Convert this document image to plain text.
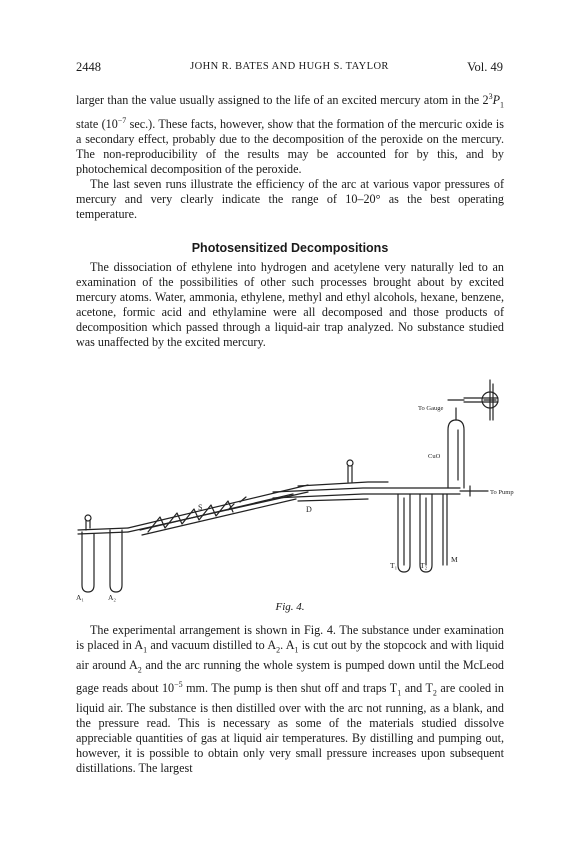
2448	JOHN R. BATES AND HUGH S. TAYLOR	Vol. 49

larger than the value usually assigned to the life of an excited mercury atom in the $2^3P_1$ state ($10^{-7}$ sec.). These facts, however, show that the formation of the mercuric oxide is a secondary effect, probably due to the decomposition of the peroxide on the mercury. The non-reproducibility of the results may be accounted for by this, and by photochemical decomposition of the peroxide.

The last seven runs illustrate the efficiency of the arc at various vapor pressures of mercury and very clearly indicate the range of 10–20° as the best operating temperature.

Photosensitized Decompositions

The dissociation of ethylene into hydrogen and acetylene very naturally led to an examination of the possibilities of other such processes brought about by excited mercury atoms. Water, ammonia, ethylene, methyl and ethyl alcohols, hexane, benzene, acetone, formic acid and ethylamine were all decomposed and those products of decomposition which passed through a liquid-air trap analyzed. No substance studied was unaffected by the excited mercury.

To Gauge
CuO
To Pump
S	D
T₁	T₂
M
A₁	A₂
Fig. 4.

The experimental arrangement is shown in Fig. 4. The substance under examination is placed in $A_1$ and vacuum distilled to $A_2$. $A_1$ is cut out by the stopcock and with liquid air around $A_2$ and the arc running the whole system is pumped down until the McLeod gage reads about $10^{-5}$ mm. The pump is then shut off and traps $T_1$ and $T_2$ are cooled in liquid air. The substance is then distilled over with the arc not running, as a blank, and the pressure read. This is necessary as some of the materials studied dissolve appreciable quantities of gas at liquid air temperatures. By distilling and pumping out, however, it is possible to obtain only very small pressure increases upon subsequent distillations. The largest
